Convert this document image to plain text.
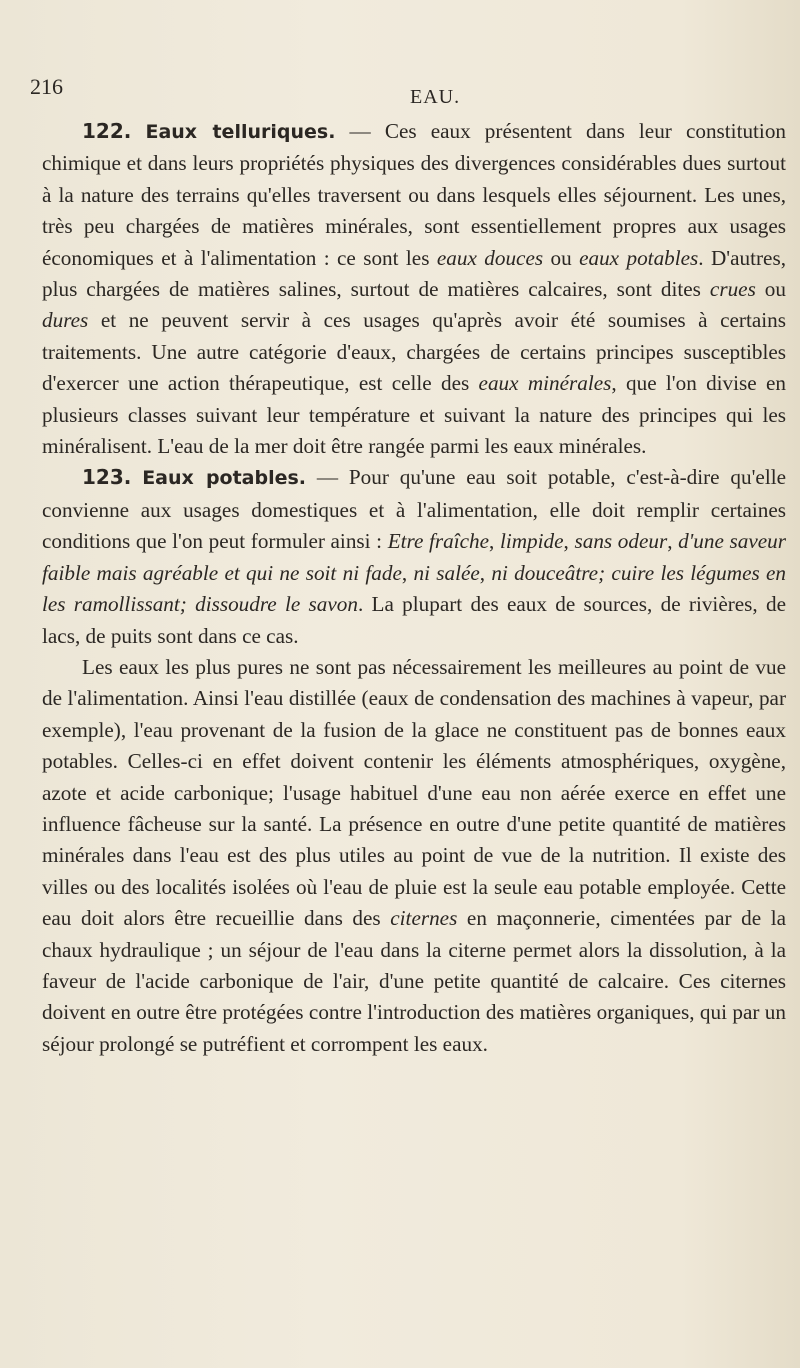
216	EAU.

122. Eaux telluriques. — Ces eaux présentent dans leur constitution chimique et dans leurs propriétés physiques des divergences considérables dues surtout à la nature des terrains qu'elles traversent ou dans lesquels elles séjournent. Les unes, très peu chargées de matières minérales, sont essentiellement propres aux usages économiques et à l'alimentation : ce sont les eaux douces ou eaux potables. D'autres, plus chargées de matières salines, surtout de matières calcaires, sont dites crues ou dures et ne peuvent servir à ces usages qu'après avoir été soumises à certains traitements. Une autre catégorie d'eaux, chargées de certains principes susceptibles d'exercer une action thérapeutique, est celle des eaux minérales, que l'on divise en plusieurs classes suivant leur température et suivant la nature des principes qui les minéralisent. L'eau de la mer doit être rangée parmi les eaux minérales.

123. Eaux potables. — Pour qu'une eau soit potable, c'est-à-dire qu'elle convienne aux usages domestiques et à l'alimentation, elle doit remplir certaines conditions que l'on peut formuler ainsi : Etre fraîche, limpide, sans odeur, d'une saveur faible mais agréable et qui ne soit ni fade, ni salée, ni douceâtre; cuire les légumes en les ramollissant; dissoudre le savon. La plupart des eaux de sources, de rivières, de lacs, de puits sont dans ce cas.

Les eaux les plus pures ne sont pas nécessairement les meilleures au point de vue de l'alimentation. Ainsi l'eau distillée (eaux de condensation des machines à vapeur, par exemple), l'eau provenant de la fusion de la glace ne constituent pas de bonnes eaux potables. Celles-ci en effet doivent contenir les éléments atmosphériques, oxygène, azote et acide carbonique; l'usage habituel d'une eau non aérée exerce en effet une influence fâcheuse sur la santé. La présence en outre d'une petite quantité de matières minérales dans l'eau est des plus utiles au point de vue de la nutrition. Il existe des villes ou des localités isolées où l'eau de pluie est la seule eau potable employée. Cette eau doit alors être recueillie dans des citernes en maçonnerie, cimentées par de la chaux hydraulique ; un séjour de l'eau dans la citerne permet alors la dissolution, à la faveur de l'acide carbonique de l'air, d'une petite quantité de calcaire. Ces citernes doivent en outre être protégées contre l'introduction des matières organiques, qui par un séjour prolongé se putréfient et corrompent les eaux.
